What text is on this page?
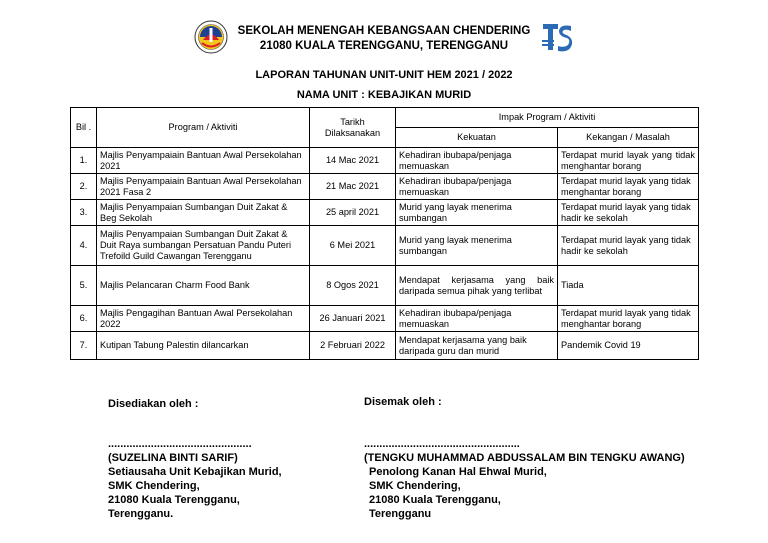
SEKOLAH MENENGAH KEBANGSAAN CHENDERING
21080 KUALA TERENGGANU, TERENGGANU
LAPORAN TAHUNAN UNIT-UNIT HEM 2021 / 2022
NAMA UNIT : KEBAJIKAN MURID
Bil .	Program / Aktiviti	Tarikh Dilaksanakan	Impak Program / Aktiviti	
			Kekuatan	Kekangan / Masalah
1.	Majlis Penyampaiain Bantuan Awal Persekolahan 2021	14 Mac 2021	Kehadiran ibubapa/penjaga memuaskan	Terdapat murid layak yang tidak menghantar borang
2.	Majlis Penyampaiain Bantuan Awal Persekolahan 2021 Fasa 2	21 Mac 2021	Kehadiran ibubapa/penjaga memuaskan	Terdapat murid layak yang tidak menghantar borang
3.	Majlis Penyampaian Sumbangan Duit Zakat & Beg Sekolah	25 april 2021	Murid yang layak menerima sumbangan	Terdapat murid layak yang tidak hadir ke sekolah
4.	Majlis Penyampaian Sumbangan Duit Zakat & Duit Raya sumbangan Persatuan Pandu Puteri Trefoild Guild Cawangan Terengganu	6 Mei 2021	Murid yang layak menerima sumbangan	Terdapat murid layak yang tidak hadir ke sekolah
5.	Majlis Pelancaran Charm Food Bank	8 Ogos 2021	Mendapat kerjasama yang baik daripada semua pihak yang terlibat	Tiada
6.	Majlis Pengagihan Bantuan Awal Persekolahan 2022	26 Januari 2021	Kehadiran ibubapa/penjaga memuaskan	Terdapat murid layak yang tidak menghantar borang
7.	Kutipan Tabung Palestin dilancarkan	2 Februari 2022	Mendapat kerjasama yang baik daripada guru dan murid	Pandemik Covid 19
Disediakan oleh :
...............................................
(SUZELINA BINTI SARIF)
Setiausaha Unit Kebajikan Murid,
SMK Chendering,
21080 Kuala Terengganu,
Terengganu.
Disemak oleh :
...................................................
(TENGKU MUHAMMAD ABDUSSALAM BIN TENGKU AWANG)
Penolong Kanan Hal Ehwal Murid,
SMK Chendering,
21080 Kuala Terengganu,
Terengganu
